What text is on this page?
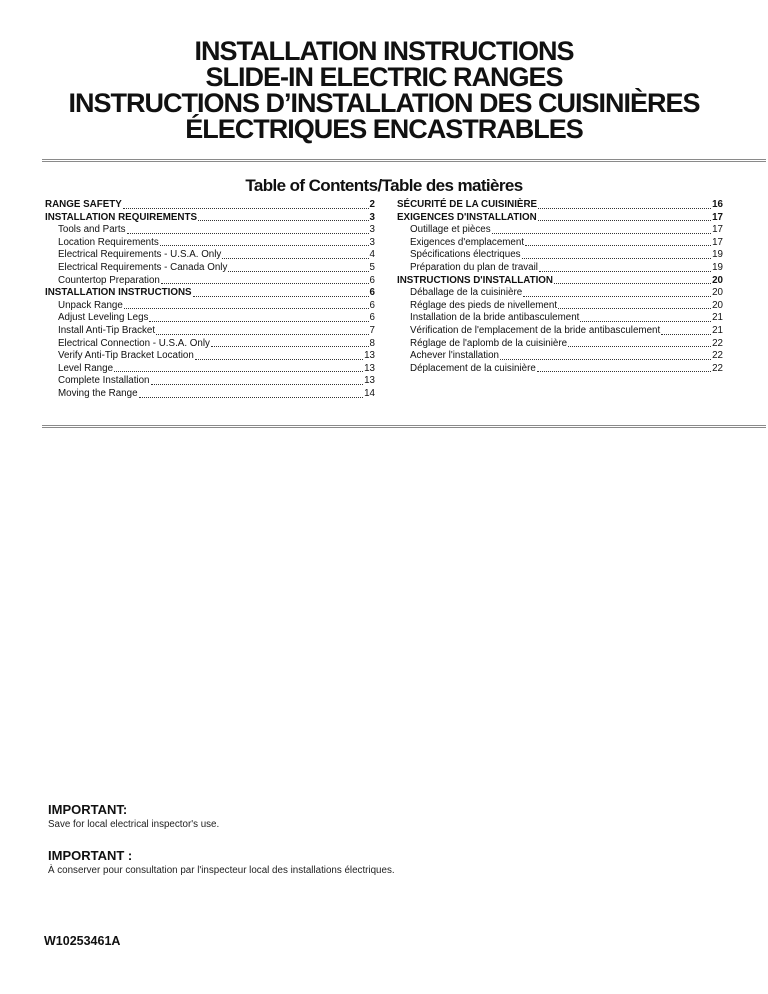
INSTALLATION INSTRUCTIONS
SLIDE-IN ELECTRIC RANGES
INSTRUCTIONS D’INSTALLATION DES CUISINIÈRES
ÉLECTRIQUES ENCASTRABLES
Table of Contents/Table des matières
RANGE SAFETY	2
INSTALLATION REQUIREMENTS	3
Tools and Parts	3
Location Requirements	3
Electrical Requirements - U.S.A. Only	4
Electrical Requirements - Canada Only	5
Countertop Preparation	6
INSTALLATION INSTRUCTIONS	6
Unpack Range	6
Adjust Leveling Legs	6
Install Anti-Tip Bracket	7
Electrical Connection - U.S.A. Only	8
Verify Anti-Tip Bracket Location	13
Level Range	13
Complete Installation	13
Moving the Range	14
SÉCURITÉ DE LA CUISINIÈRE	16
EXIGENCES D'INSTALLATION	17
Outillage et pièces	17
Exigences d'emplacement	17
Spécifications électriques	19
Préparation du plan de travail	19
INSTRUCTIONS D'INSTALLATION	20
Déballage de la cuisinière	20
Réglage des pieds de nivellement	20
Installation de la bride antibasculement	21
Vérification de l'emplacement de la bride antibasculement	21
Réglage de l'aplomb de la cuisinière	22
Achever l'installation	22
Déplacement de la cuisinière	22
IMPORTANT:
Save for local electrical inspector's use.
IMPORTANT :
À conserver pour consultation par l'inspecteur local des installations électriques.
W10253461A
